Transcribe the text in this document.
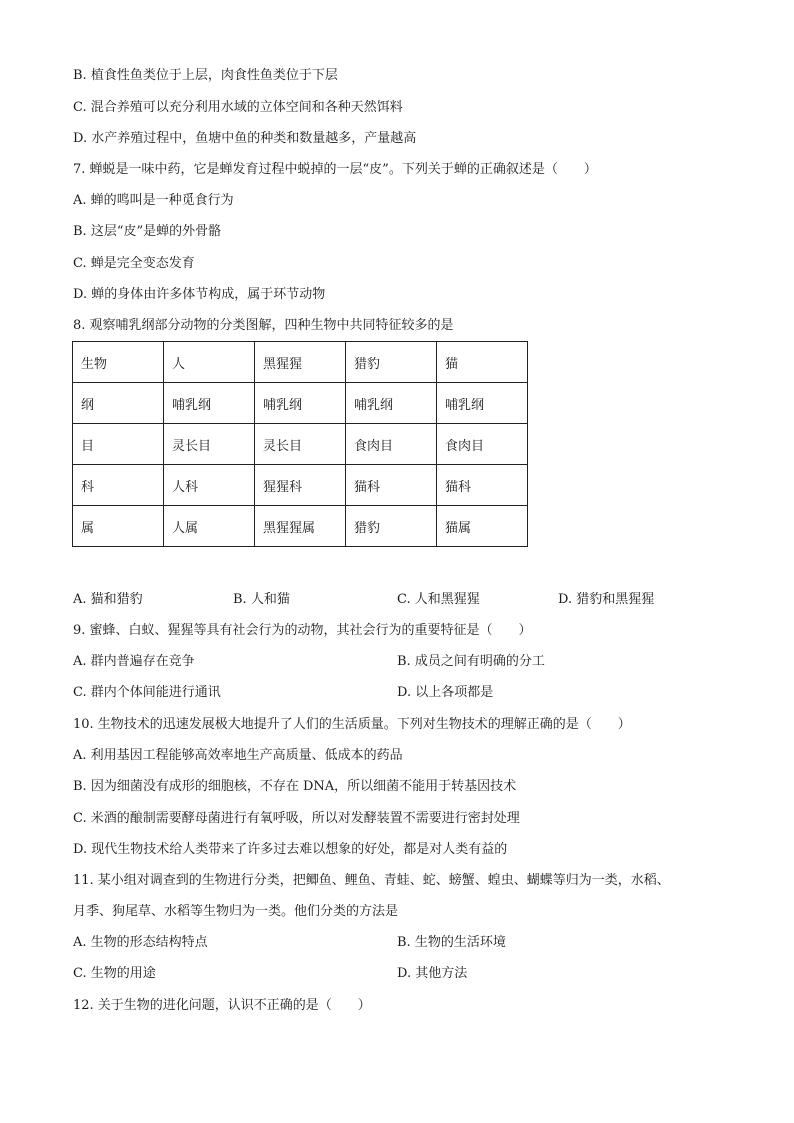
B. 植食性鱼类位于上层，肉食性鱼类位于下层
C. 混合养殖可以充分利用水域的立体空间和各种天然饵料
D. 水产养殖过程中，鱼塘中鱼的种类和数量越多，产量越高
7. 蝉蜕是一味中药，它是蝉发育过程中蜕掉的一层“皮”。下列关于蝉的正确叙述是（　　）
A. 蝉的鸣叫是一种觅食行为
B. 这层“皮”是蝉的外骨骼
C. 蝉是完全变态发育
D. 蝉的身体由许多体节构成，属于环节动物
8. 观察哺乳纲部分动物的分类图解，四种生物中共同特征较多的是
生物	人	黑猩猩	猎豹	猫
纲	哺乳纲	哺乳纲	哺乳纲	哺乳纲
目	灵长目	灵长目	食肉目	食肉目
科	人科	猩猩科	猫科	猫科
属	人属	黑猩猩属	猎豹	猫属
A. 猫和猎豹	B. 人和猫	C. 人和黑猩猩	D. 猎豹和黑猩猩
9. 蜜蜂、白蚁、猩猩等具有社会行为的动物，其社会行为的重要特征是（　　）
A. 群内普遍存在竞争	B. 成员之间有明确的分工
C. 群内个体间能进行通讯	D. 以上各项都是
10. 生物技术的迅速发展极大地提升了人们的生活质量。下列对生物技术的理解正确的是（　　）
A. 利用基因工程能够高效率地生产高质量、低成本的药品
B. 因为细菌没有成形的细胞核，不存在 DNA，所以细菌不能用于转基因技术
C. 米酒的酿制需要酵母菌进行有氧呼吸，所以对发酵装置不需要进行密封处理
D. 现代生物技术给人类带来了许多过去难以想象的好处，都是对人类有益的
11. 某小组对调查到的生物进行分类，把鲫鱼、鲤鱼、青蛙、蛇、螃蟹、蝗虫、蝴蝶等归为一类，水稻、
月季、狗尾草、水稻等生物归为一类。他们分类的方法是
A. 生物的形态结构特点	B. 生物的生活环境
C. 生物的用途	D. 其他方法
12. 关于生物的进化问题，认识不正确的是（　　）
